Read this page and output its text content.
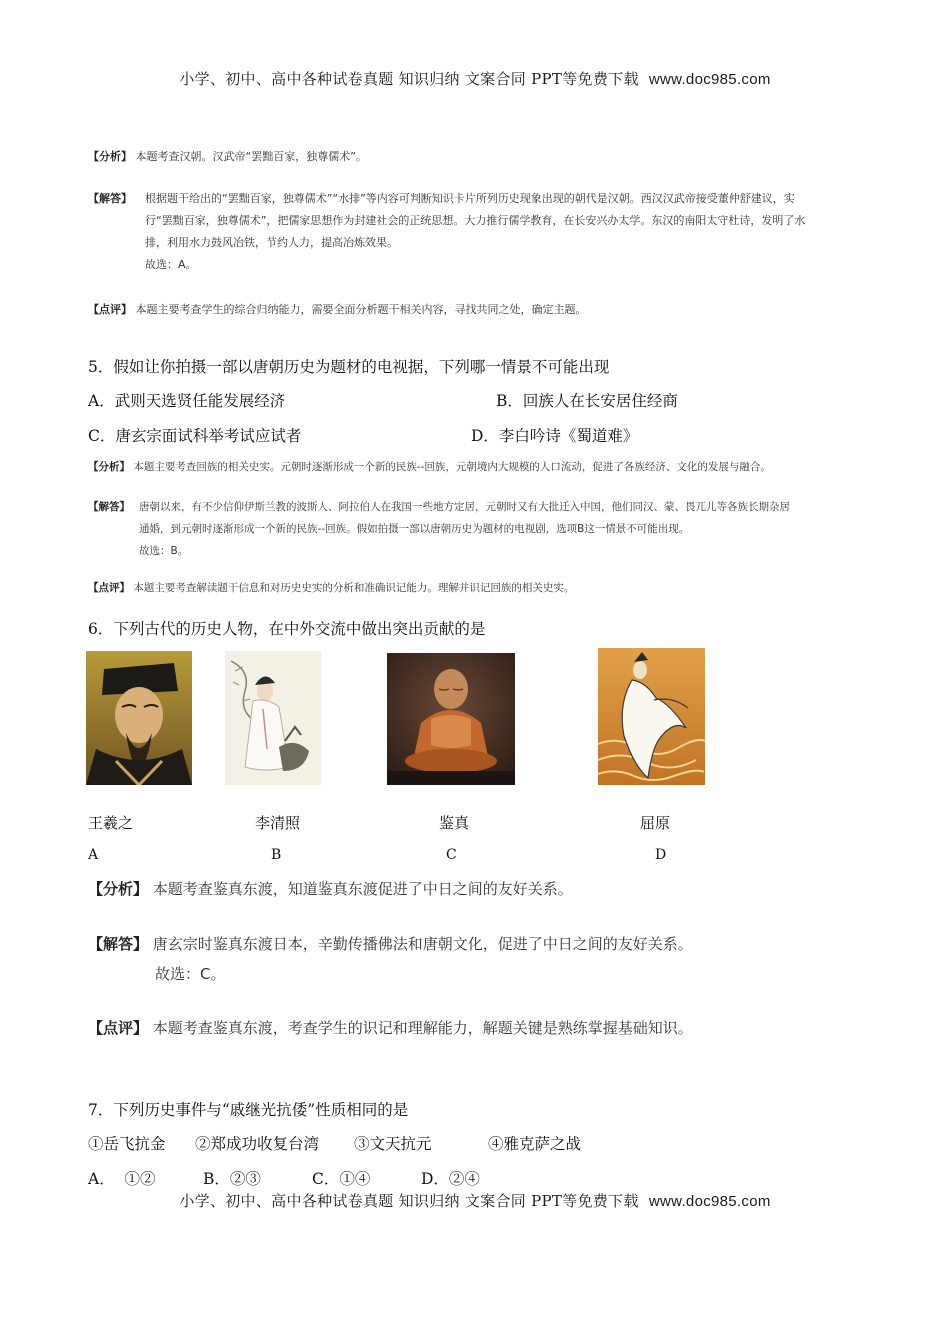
小学、初中、高中各种试卷真题 知识归纳 文案合同 PPT等免费下载 www.doc985.com
【分析】 本题考查汉朝。汉武帝“罢黜百家，独尊儒术”。
【解答】	根据题干给出的“罢黜百家，独尊儒术”“水排”等内容可判断知识卡片所列历史现象出现的朝代是汉朝。西汉汉武帝接受董仲舒建议，实
行“罢黜百家，独尊儒术”，把儒家思想作为封建社会的正统思想。大力推行儒学教育，在长安兴办太学。东汉的南阳太守杜诗，发明了水
排，利用水力鼓风冶铁，节约人力，提高冶炼效果。
故选：A。
【点评】 本题主要考查学生的综合归纳能力，需要全面分析题干相关内容，寻找共同之处，确定主题。
5．假如让你拍摄一部以唐朝历史为题材的电视据，下列哪一情景不可能出现
A．武则天选贤任能发展经济	B．回族人在长安居住经商
C．唐玄宗面试科举考试应试者	D．李白吟诗《蜀道难》
【分析】 本题主要考查回族的相关史实。元朝时逐渐形成一个新的民族--回族，元朝境内大规模的人口流动，促进了各族经济、文化的发展与融合。
【解答】 唐朝以来，有不少信仰伊斯兰教的波斯人、阿拉伯人在我国一些地方定居，元朝时又有大批迁入中国，他们同汉、蒙、畏兀儿等各族长期杂居
通婚，到元朝时逐渐形成一个新的民族--回族。假如拍摄一部以唐朝历史为题材的电视剧，选项B这一情景不可能出现。
故选：B。
【点评】 本题主要考查解读题干信息和对历史史实的分析和准确识记能力。理解并识记回族的相关史实。
6．下列古代的历史人物，在中外交流中做出突出贡献的是
王羲之	李清照	鉴真	屈原
A	B	C	D
【分析】 本题考查鉴真东渡，知道鉴真东渡促进了中日之间的友好关系。
【解答】 唐玄宗时鉴真东渡日本，辛勤传播佛法和唐朝文化，促进了中日之间的友好关系。
故选：C。
【点评】 本题考查鉴真东渡，考查学生的识记和理解能力，解题关键是熟练掌握基础知识。
7．下列历史事件与“戚继光抗倭”性质相同的是
①岳飞抗金 ②郑成功收复台湾 ③文天抗元	④雅克萨之战
A．  ①②	B．②③	C．①④	D．②④
小学、初中、高中各种试卷真题 知识归纳 文案合同 PPT等免费下载 www.doc985.com
